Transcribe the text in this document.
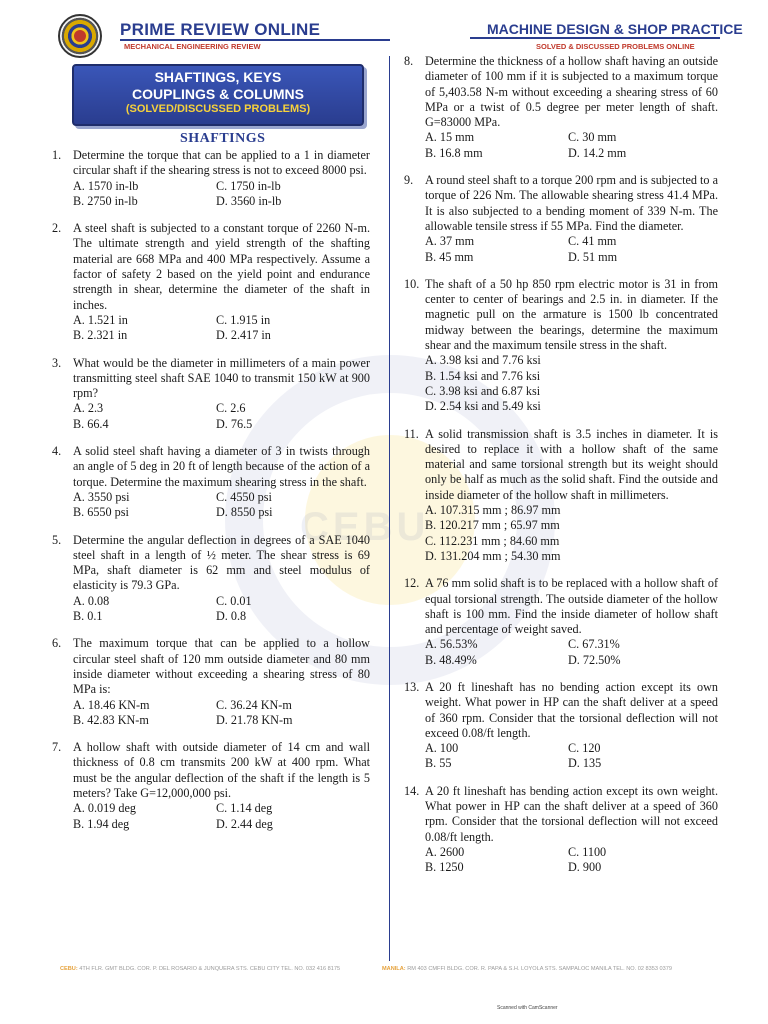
CEBU
PRIME REVIEW ONLINE
MECHANICAL ENGINEERING REVIEW
MACHINE DESIGN & SHOP PRACTICE
SOLVED & DISCUSSED PROBLEMS ONLINE
SHAFTINGS, KEYS
COUPLINGS & COLUMNS
(SOLVED/DISCUSSED PROBLEMS)
SHAFTINGS
1. Determine the torque that can be applied to a 1 in diameter circular shaft if the shearing stress is not to exceed 8000 psi.
A. 1570 in-lb	C. 1750 in-lb
B. 2750 in-lb	D. 3560 in-lb
2. A steel shaft is subjected to a constant torque of 2260 N-m. The ultimate strength and yield strength of the shafting material are 668 MPa and 400 MPa respectively. Assume a factor of safety 2 based on the yield point and endurance strength in shear, determine the diameter of the shaft in inches.
A. 1.521 in	C. 1.915 in
B. 2.321 in	D. 2.417 in
3. What would be the diameter in millimeters of a main power transmitting steel shaft SAE 1040 to transmit 150 kW at 900 rpm?
A. 2.3	C. 2.6
B. 66.4	D. 76.5
4. A solid steel shaft having a diameter of 3 in twists through an angle of 5 deg in 20 ft of length because of the action of a torque. Determine the maximum shearing stress in the shaft.
A. 3550 psi	C. 4550 psi
B. 6550 psi	D. 8550 psi
5. Determine the angular deflection in degrees of a SAE 1040 steel shaft in a length of ½ meter. The shear stress is 69 MPa, shaft diameter is 62 mm and steel modulus of elasticity is 79.3 GPa.
A. 0.08	C. 0.01
B. 0.1	D. 0.8
6. The maximum torque that can be applied to a hollow circular steel shaft of 120 mm outside diameter and 80 mm inside diameter without exceeding a shearing stress of 80 MPa is:
A. 18.46 KN-m	C. 36.24 KN-m
B. 42.83 KN-m	D. 21.78 KN-m
7. A hollow shaft with outside diameter of 14 cm and wall thickness of 0.8 cm transmits 200 kW at 400 rpm. What must be the angular deflection of the shaft if the length is 5 meters? Take G=12,000,000 psi.
A. 0.019 deg	C. 1.14 deg
B. 1.94 deg	D. 2.44 deg
8. Determine the thickness of a hollow shaft having an outside diameter of 100 mm if it is subjected to a maximum torque of 5,403.58 N-m without exceeding a shearing stress of 60 MPa or a twist of 0.5 degree per meter length of shaft. G=83000 MPa.
A. 15 mm	C. 30 mm
B. 16.8 mm	D. 14.2 mm
9. A round steel shaft to a torque 200 rpm and is subjected to a torque of 226 Nm. The allowable shearing stress 41.4 MPa. It is also subjected to a bending moment of 339 N-m. The allowable tensile stress if 55 MPa. Find the diameter.
A. 37 mm	C. 41 mm
B. 45 mm	D. 51 mm
10. The shaft of a 50 hp 850 rpm electric motor is 31 in from center to center of bearings and 2.5 in. in diameter. If the magnetic pull on the armature is 1500 lb concentrated midway between the bearings, determine the maximum shear and the maximum tensile stress in the shaft.
A. 3.98 ksi and 7.76 ksi
B. 1.54 ksi and 7.76 ksi
C. 3.98 ksi and 6.87 ksi
D. 2.54 ksi and 5.49 ksi
11. A solid transmission shaft is 3.5 inches in diameter. It is desired to replace it with a hollow shaft of the same material and same torsional strength but its weight should only be half as much as the solid shaft. Find the outside and inside diameter of the hollow shaft in millimeters.
A. 107.315 mm ; 86.97 mm
B. 120.217 mm ; 65.97 mm
C. 112.231 mm ; 84.60 mm
D. 131.204 mm ; 54.30 mm
12. A 76 mm solid shaft is to be replaced with a hollow shaft of equal torsional strength. The outside diameter of the hollow shaft is 100 mm. Find the inside diameter of hollow shaft and percentage of weight saved.
A. 56.53%	C. 67.31%
B. 48.49%	D. 72.50%
13. A 20 ft lineshaft has no bending action except its own weight. What power in HP can the shaft deliver at a speed of 360 rpm. Consider that the torsional deflection will not exceed 0.08/ft length.
A. 100	C. 120
B. 55	D. 135
14. A 20 ft lineshaft has bending action except its own weight. What power in HP can the shaft deliver at a speed of 360 rpm. Consider that the torsional deflection will not exceed 0.08/ft length.
A. 2600	C. 1100
B. 1250	D. 900
CEBU: 4TH FLR. GMT BLDG. COR. P. DEL ROSARIO & JUNQUERA STS. CEBU CITY TEL. NO. 032 416 8175	MANILA: RM 403 CMFFI BLDG. COR. R. PAPA & S.H. LOYOLA STS. SAMPALOC MANILA TEL. NO. 02 8353 0379
Scanned with CamScanner
